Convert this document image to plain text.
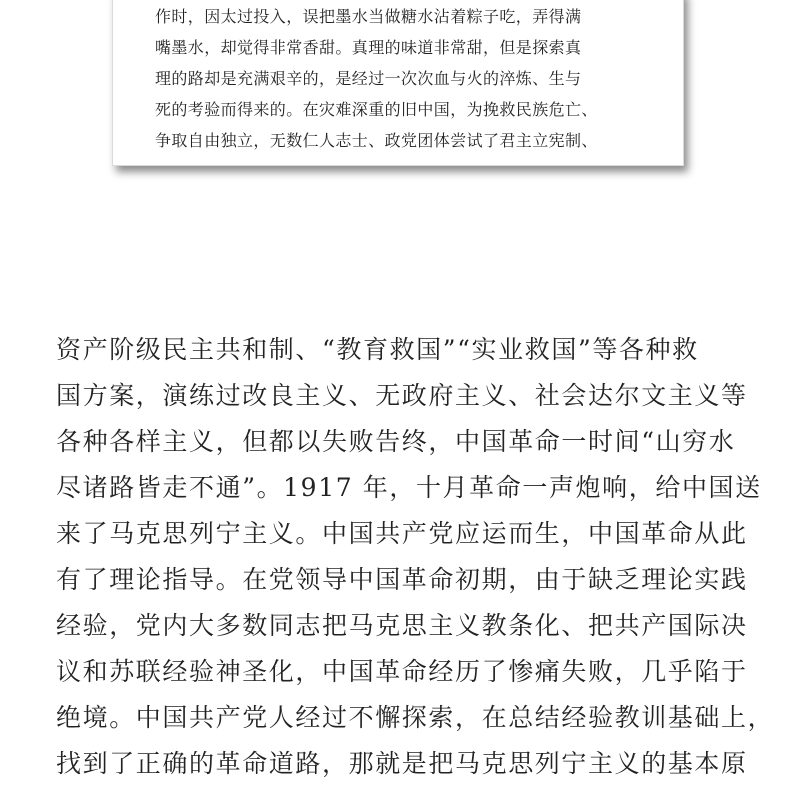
作时，因太过投入，误把墨水当做糖水沾着粽子吃，弄得满
嘴墨水，却觉得非常香甜。真理的味道非常甜，但是探索真
理的路却是充满艰辛的，是经过一次次血与火的淬炼、生与
死的考验而得来的。在灾难深重的旧中国，为挽救民族危亡、
争取自由独立，无数仁人志士、政党团体尝试了君主立宪制、
资产阶级民主共和制、“教育救国”“实业救国”等各种救
国方案，演练过改良主义、无政府主义、社会达尔文主义等
各种各样主义，但都以失败告终，中国革命一时间“山穷水
尽诸路皆走不通”。1917 年，十月革命一声炮响，给中国送
来了马克思列宁主义。中国共产党应运而生，中国革命从此
有了理论指导。在党领导中国革命初期，由于缺乏理论实践
经验，党内大多数同志把马克思主义教条化、把共产国际决
议和苏联经验神圣化，中国革命经历了惨痛失败，几乎陷于
绝境。中国共产党人经过不懈探索，在总结经验教训基础上，
找到了正确的革命道路，那就是把马克思列宁主义的基本原
